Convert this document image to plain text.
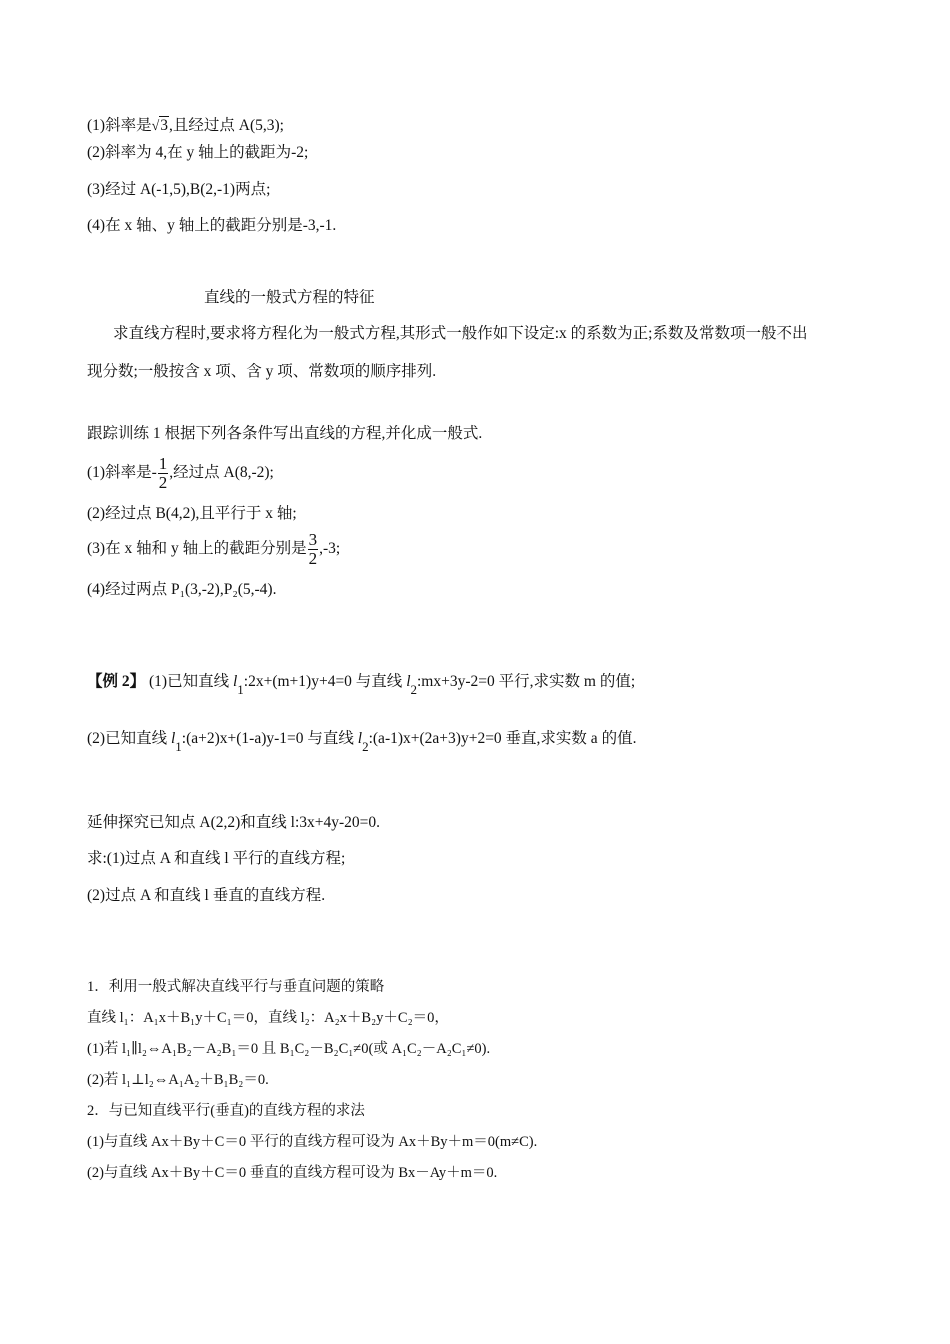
(1)斜率是√3,且经过点 A(5,3);
(2)斜率为 4,在 y 轴上的截距为-2;
(3)经过 A(-1,5),B(2,-1)两点;
(4)在 x 轴、y 轴上的截距分别是-3,-1.
直线的一般式方程的特征
求直线方程时,要求将方程化为一般式方程,其形式一般作如下设定:x 的系数为正;系数及常数项一般不出
现分数;一般按含 x 项、含 y 项、常数项的顺序排列.
跟踪训练 1 根据下列各条件写出直线的方程,并化成一般式.
(1)斜率是- $\frac{1}{2}$ ,经过点 A(8,-2);
(2)经过点 B(4,2),且平行于 x 轴;
(3)在 x 轴和 y 轴上的截距分别是 $\frac{3}{2} ,-3$;
(4)经过两点 P₁(3,-2),P₂(5,-4).
【例 2】 (1)已知直线 $l_1:2x+(m+1)y+4=0$ 与直线 $l_2:mx+3y-2=0$ 平行,求实数 m 的值;
(2)已知直线 $l_1:(a+2)x+(1-a)y-1=0$ 与直线 $l_2:(a-1)x+(2a+3)y+2=0$ 垂直,求实数 a 的值.
延伸探究已知点 A(2,2)和直线 l:3x+4y-20=0.
求:(1)过点 A 和直线 l 平行的直线方程;
(2)过点 A 和直线 l 垂直的直线方程.
1．利用一般式解决直线平行与垂直问题的策略
直线 l₁：A₁x＋B₁y＋C₁＝0，直线 l₂：A₂x＋B₂y＋C₂＝0，
(1)若 l₁∥l₂⇔A₁B₂－A₂B₁＝0 且 B₁C₂－B₂C₁≠0(或 A₁C₂－A₂C₁≠0).
(2)若 l₁⊥l₂⇔A₁A₂＋B₁B₂＝0.
2．与已知直线平行(垂直)的直线方程的求法
(1)与直线 Ax＋By＋C＝0 平行的直线方程可设为 Ax＋By＋m＝0(m≠C).
(2)与直线 Ax＋By＋C＝0 垂直的直线方程可设为 Bx－Ay＋m＝0.
